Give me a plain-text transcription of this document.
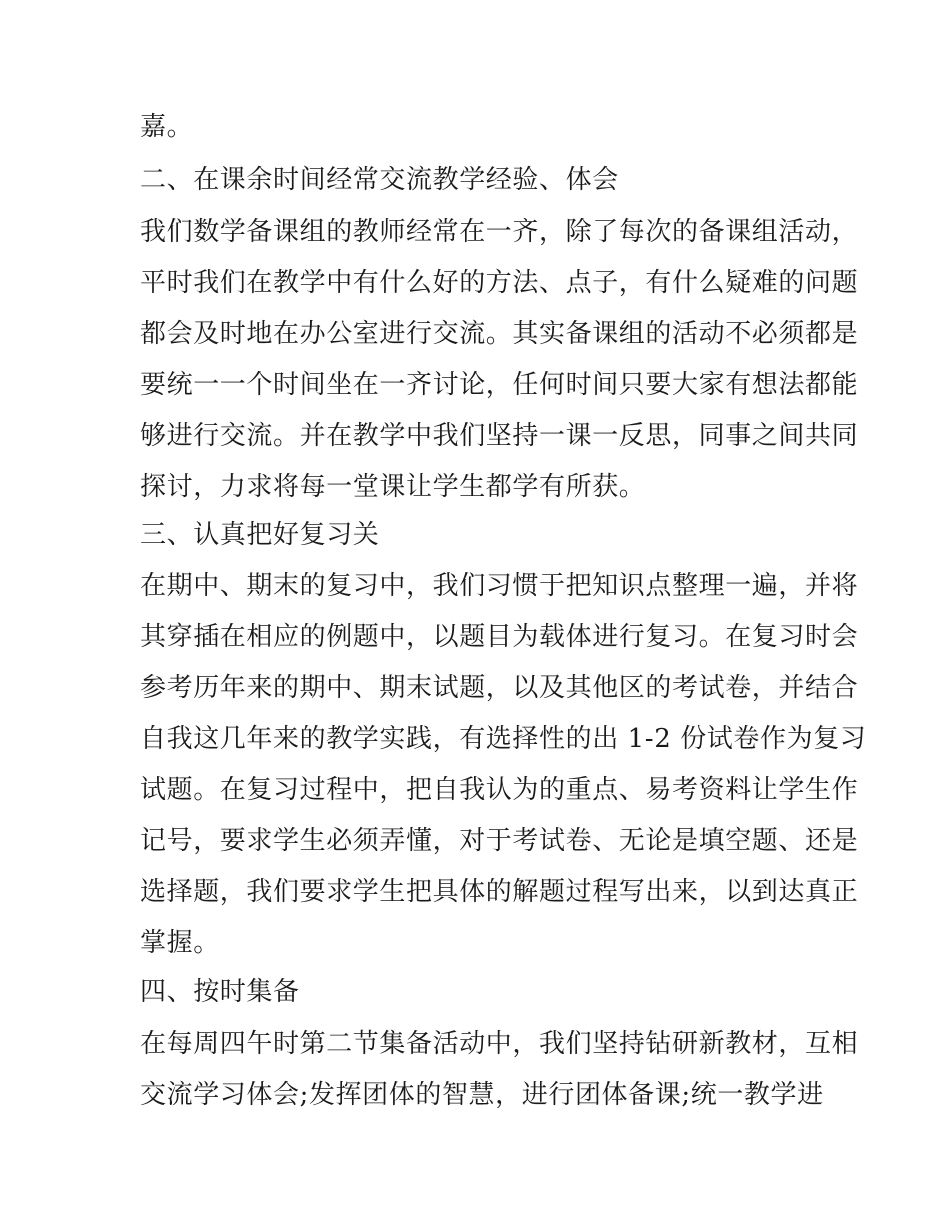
嘉。

二、在课余时间经常交流教学经验、体会

我们数学备课组的教师经常在一齐，除了每次的备课组活动，

平时我们在教学中有什么好的方法、点子，有什么疑难的问题

都会及时地在办公室进行交流。其实备课组的活动不必须都是

要统一一个时间坐在一齐讨论，任何时间只要大家有想法都能

够进行交流。并在教学中我们坚持一课一反思，同事之间共同

探讨，力求将每一堂课让学生都学有所获。

三、认真把好复习关

在期中、期末的复习中，我们习惯于把知识点整理一遍，并将

其穿插在相应的例题中，以题目为载体进行复习。在复习时会

参考历年来的期中、期末试题，以及其他区的考试卷，并结合

自我这几年来的教学实践，有选择性的出 1-2 份试卷作为复习

试题。在复习过程中，把自我认为的重点、易考资料让学生作

记号，要求学生必须弄懂，对于考试卷、无论是填空题、还是

选择题，我们要求学生把具体的解题过程写出来，以到达真正

掌握。

四、按时集备

在每周四午时第二节集备活动中，我们坚持钻研新教材，互相

交流学习体会;发挥团体的智慧，进行团体备课;统一教学进
